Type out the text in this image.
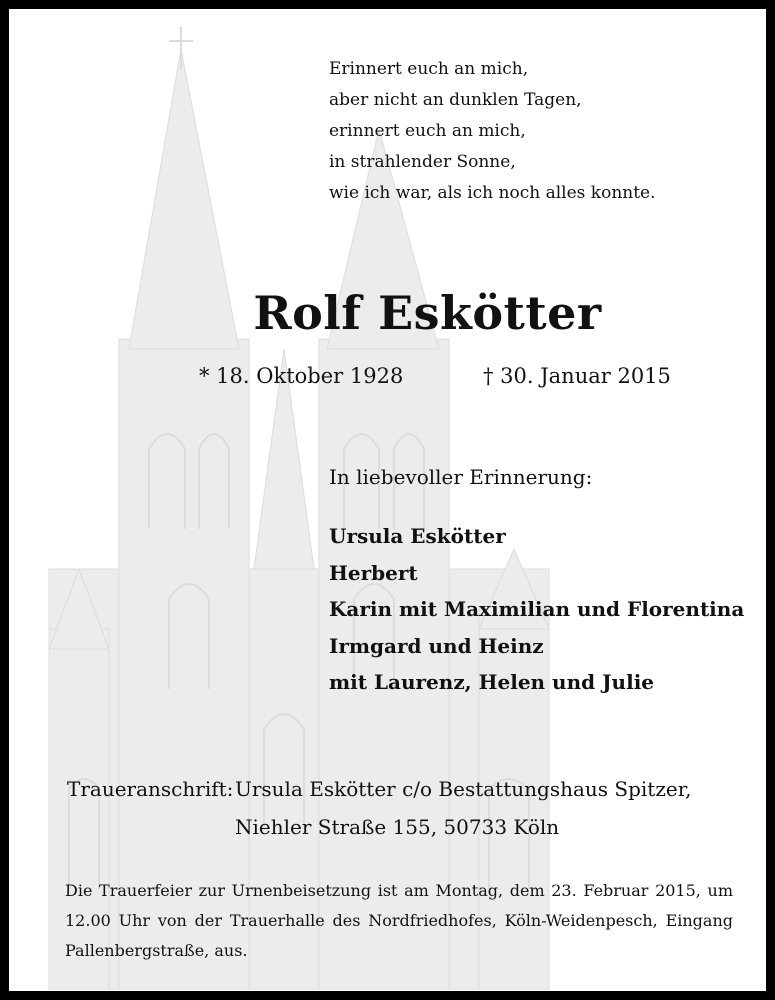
Erinnert euch an mich,
aber nicht an dunklen Tagen,
erinnert euch an mich,
in strahlender Sonne,
wie ich war, als ich noch alles konnte.
Rolf Eskötter
* 18. Oktober 1928	† 30. Januar 2015
In liebevoller Erinnerung:
Ursula Eskötter
Herbert
Karin mit Maximilian und Florentina
Irmgard und Heinz
mit Laurenz, Helen und Julie
Traueranschrift: Ursula Eskötter c/o Bestattungshaus Spitzer,
Niehler Straße 155, 50733 Köln
Die Trauerfeier zur Urnenbeisetzung ist am Montag, dem 23. Februar 2015, um 12.00 Uhr von der Trauerhalle des Nordfriedhofes, Köln-Weidenpesch, Eingang Pallenbergstraße, aus.
